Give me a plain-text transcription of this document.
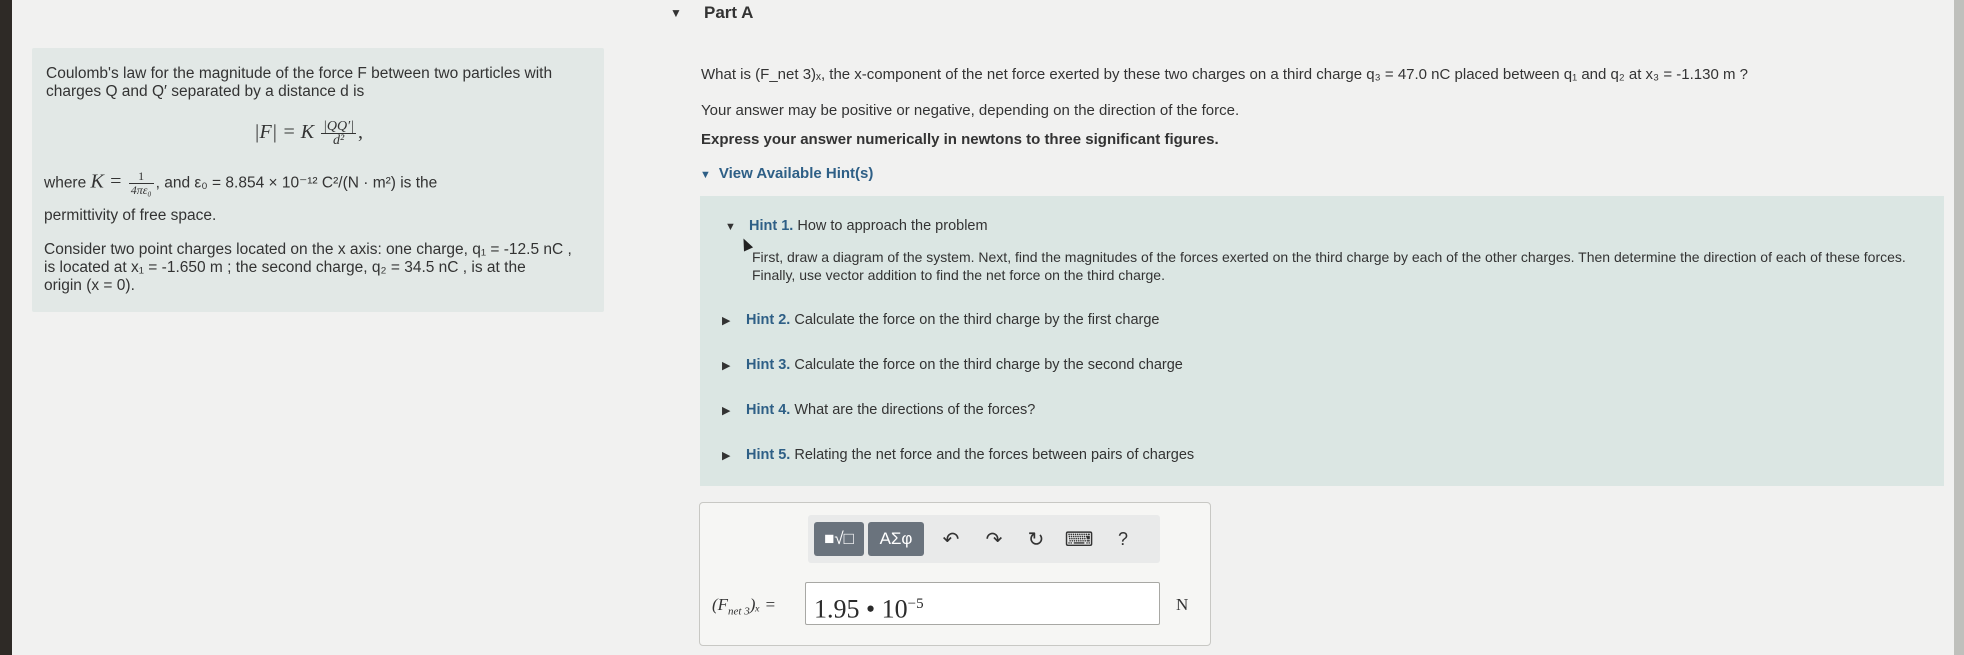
Coulomb's law for the magnitude of the force F between two particles with
charges Q and Q′ separated by a distance d is
|F| = K $\frac{|QQ'|}{\text{d²}}$ ,
where $K = \frac{1}{\text{4πε₀}}$ , and ε₀ = 8.854 × 10⁻¹² C²/(N · m²) is the
permittivity of free space.
Consider two point charges located on the x axis: one charge, q₁ = -12.5 nC ,
is located at x₁ = -1.650 m ; the second charge, q₂ = 34.5 nC , is at the
origin (x = 0).
▼ Part A
What is (F_net 3)ₓ, the x-component of the net force exerted by these two charges on a third charge q₃ = 47.0 nC placed between q₁ and q₂ at x₃ = -1.130 m ?
Your answer may be positive or negative, depending on the direction of the force.
Express your answer numerically in newtons to three significant figures.
▼ View Available Hint(s)
▼ Hint 1. How to approach the problem
First, draw a diagram of the system. Next, find the magnitudes of the forces exerted on the third charge by each of the other charges. Then determine the direction of each of these forces. Finally, use vector addition to find the net force on the third charge.
▶ Hint 2. Calculate the force on the third charge by the first charge
▶ Hint 3. Calculate the force on the third charge by the second charge
▶ Hint 4. What are the directions of the forces?
▶ Hint 5. Relating the net force and the forces between pairs of charges
■√□	ΑΣφ	↶ ↷ ↻ ⌨	?
$(F_{net 3})_x$ =	1.95 • $10^{-5}$	N
